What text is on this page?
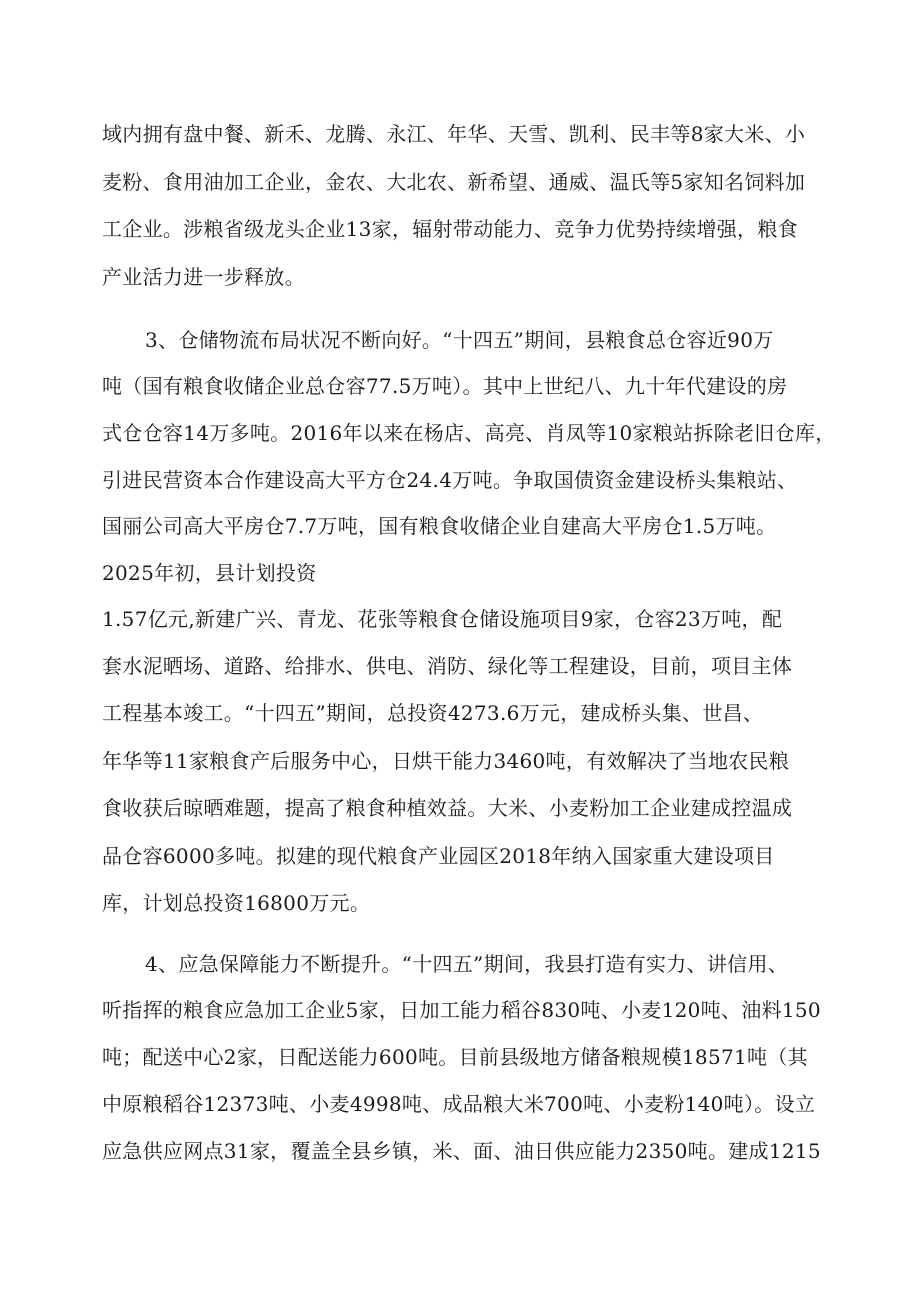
域内拥有盘中餐、新禾、龙腾、永江、年华、天雪、凯利、民丰等8家大米、小
麦粉、食用油加工企业，金农、大北农、新希望、通威、温氏等5家知名饲料加
工企业。涉粮省级龙头企业13家，辐射带动能力、竞争力优势持续增强，粮食
产业活力进一步释放。
3、仓储物流布局状况不断向好。“十四五”期间，县粮食总仓容近90万
吨（国有粮食收储企业总仓容77.5万吨）。其中上世纪八、九十年代建设的房
式仓仓容14万多吨。2016年以来在杨店、高亮、肖凤等10家粮站拆除老旧仓库，
引进民营资本合作建设高大平方仓24.4万吨。争取国债资金建设桥头集粮站、
国丽公司高大平房仓7.7万吨，国有粮食收储企业自建高大平房仓1.5万吨。
2025年初，县计划投资
1.57亿元,新建广兴、青龙、花张等粮食仓储设施项目9家，仓容23万吨，配
套水泥晒场、道路、给排水、供电、消防、绿化等工程建设，目前，项目主体
工程基本竣工。“十四五”期间，总投资4273.6万元，建成桥头集、世昌、
年华等11家粮食产后服务中心，日烘干能力3460吨，有效解决了当地农民粮
食收获后晾晒难题，提高了粮食种植效益。大米、小麦粉加工企业建成控温成
品仓容6000多吨。拟建的现代粮食产业园区2018年纳入国家重大建设项目
库，计划总投资16800万元。
4、应急保障能力不断提升。“十四五”期间，我县打造有实力、讲信用、
听指挥的粮食应急加工企业5家，日加工能力稻谷830吨、小麦120吨、油料150
吨；配送中心2家，日配送能力600吨。目前县级地方储备粮规模18571吨（其
中原粮稻谷12373吨、小麦4998吨、成品粮大米700吨、小麦粉140吨）。设立
应急供应网点31家，覆盖全县乡镇，米、面、油日供应能力2350吨。建成1215
